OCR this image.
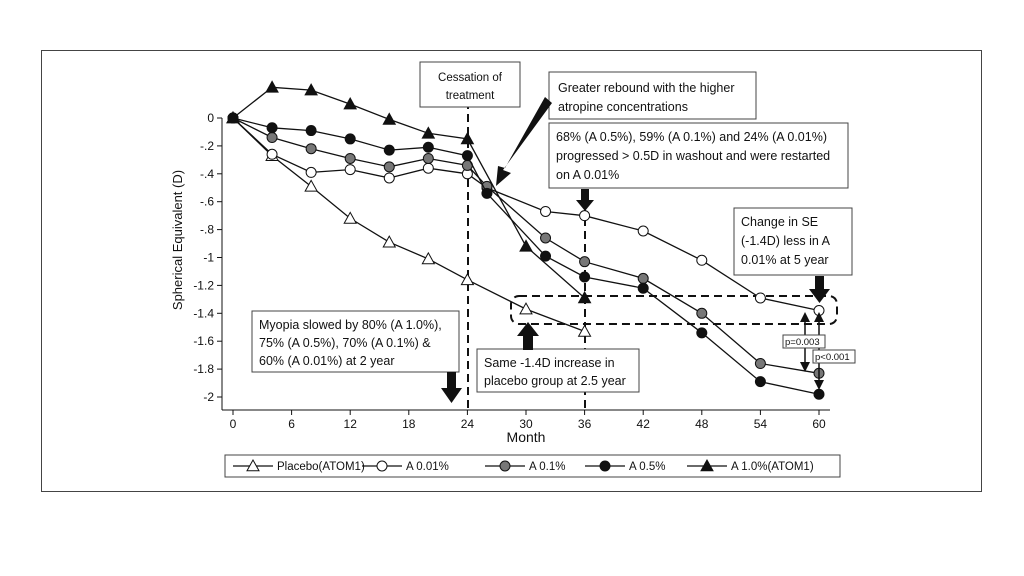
0
-.2
-.4
-.6
-.8
-1
-1.2
-1.4
-1.6
-1.8
-2
0	6	12	18	24	30	36	42	48	54	60
Spherical Equivalent (D)
Month
Cessation of
treatment
Greater rebound with the higher
atropine concentrations
68% (A 0.5%), 59% (A 0.1%) and 24% (A 0.01%)
progressed > 0.5D in washout and were restarted
on A 0.01%
Change in SE
(-1.4D) less in A
0.01% at 5 year
Myopia slowed by 80% (A 1.0%),
75% (A 0.5%), 70% (A 0.1%) &
60% (A 0.01%) at 2 year	Same -1.4D increase in
placebo group at 2.5 year
p=0.003
p<0.001
Placebo(ATOM1)	A 0.01%	A 0.1%	A 0.5%	A 1.0%(ATOM1)
